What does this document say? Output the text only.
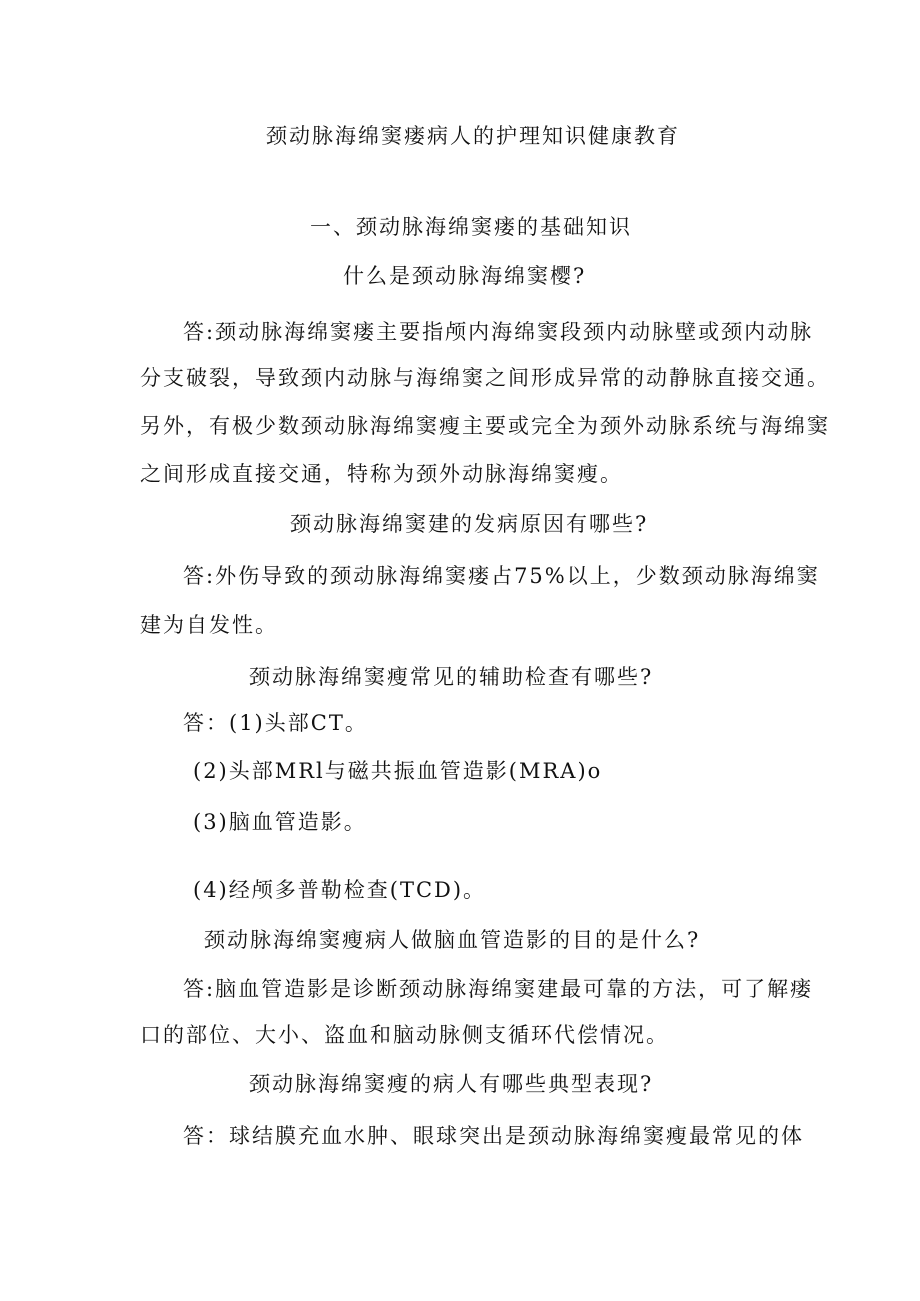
颈动脉海绵窦瘘病人的护理知识健康教育
一、颈动脉海绵窦瘘的基础知识
什么是颈动脉海绵窦樱?
答:颈动脉海绵窦瘘主要指颅内海绵窦段颈内动脉壁或颈内动脉
分支破裂，导致颈内动脉与海绵窦之间形成异常的动静脉直接交通。
另外，有极少数颈动脉海绵窦瘦主要或完全为颈外动脉系统与海绵窦
之间形成直接交通，特称为颈外动脉海绵窦瘦。
颈动脉海绵窦建的发病原因有哪些?
答:外伤导致的颈动脉海绵窦瘘占75%以上，少数颈动脉海绵窦
建为自发性。
颈动脉海绵窦瘦常见的辅助检查有哪些?
答：(1)头部CT。
(2)头部MRl与磁共振血管造影(MRA)o
(3)脑血管造影。
(4)经颅多普勒检查(TCD)。
颈动脉海绵窦瘦病人做脑血管造影的目的是什么?
答:脑血管造影是诊断颈动脉海绵窦建最可靠的方法，可了解瘘
口的部位、大小、盗血和脑动脉侧支循环代偿情况。
颈动脉海绵窦瘦的病人有哪些典型表现?
答：球结膜充血水肿、眼球突出是颈动脉海绵窦瘦最常见的体
